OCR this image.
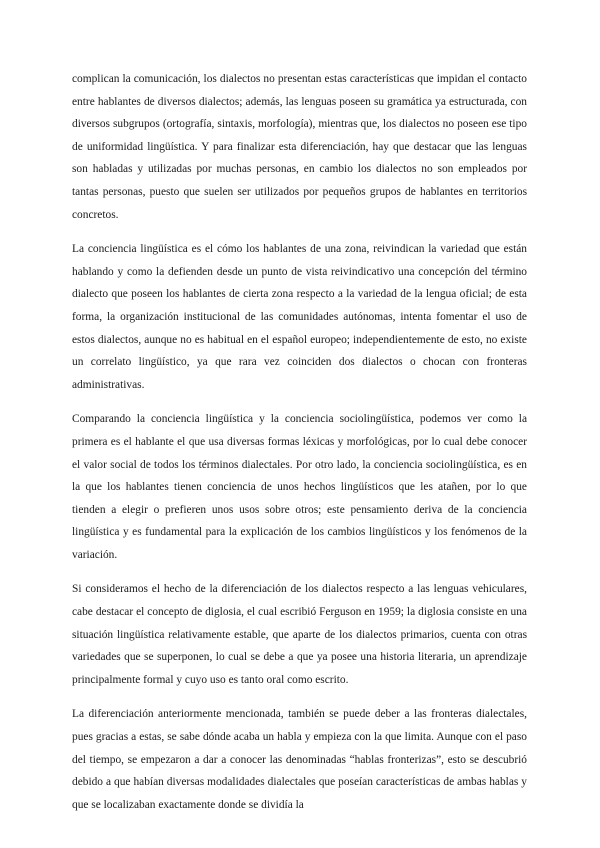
complican la comunicación, los dialectos no presentan estas características que impidan el contacto entre hablantes de diversos dialectos; además, las lenguas poseen su gramática ya estructurada, con diversos subgrupos (ortografía, sintaxis, morfología), mientras que, los dialectos no poseen ese tipo de uniformidad lingüística. Y para finalizar esta diferenciación, hay que destacar que las lenguas son habladas y utilizadas por muchas personas, en cambio los dialectos no son empleados por tantas personas, puesto que suelen ser utilizados por pequeños grupos de hablantes en territorios concretos.

La conciencia lingüística es el cómo los hablantes de una zona, reivindican la variedad que están hablando y como la defienden desde un punto de vista reivindicativo una concepción del término dialecto que poseen los hablantes de cierta zona respecto a la variedad de la lengua oficial; de esta forma, la organización institucional de las comunidades autónomas, intenta fomentar el uso de estos dialectos, aunque no es habitual en el español europeo; independientemente de esto, no existe un correlato lingüístico, ya que rara vez coinciden dos dialectos o chocan con fronteras administrativas.

Comparando la conciencia lingüística y la conciencia sociolingüística, podemos ver como la primera es el hablante el que usa diversas formas léxicas y morfológicas, por lo cual debe conocer el valor social de todos los términos dialectales. Por otro lado, la conciencia sociolingüística, es en la que los hablantes tienen conciencia de unos hechos lingüísticos que les atañen, por lo que tienden a elegir o prefieren unos usos sobre otros; este pensamiento deriva de la conciencia lingüística y es fundamental para la explicación de los cambios lingüísticos y los fenómenos de la variación.

Si consideramos el hecho de la diferenciación de los dialectos respecto a las lenguas vehiculares, cabe destacar el concepto de diglosia, el cual escribió Ferguson en 1959; la diglosia consiste en una situación lingüística relativamente estable, que aparte de los dialectos primarios, cuenta con otras variedades que se superponen, lo cual se debe a que ya posee una historia literaria, un aprendizaje principalmente formal y cuyo uso es tanto oral como escrito.

La diferenciación anteriormente mencionada, también se puede deber a las fronteras dialectales, pues gracias a estas, se sabe dónde acaba un habla y empieza con la que limita. Aunque con el paso del tiempo, se empezaron a dar a conocer las denominadas “hablas fronterizas”, esto se descubrió debido a que habían diversas modalidades dialectales que poseían características de ambas hablas y que se localizaban exactamente donde se dividía la
